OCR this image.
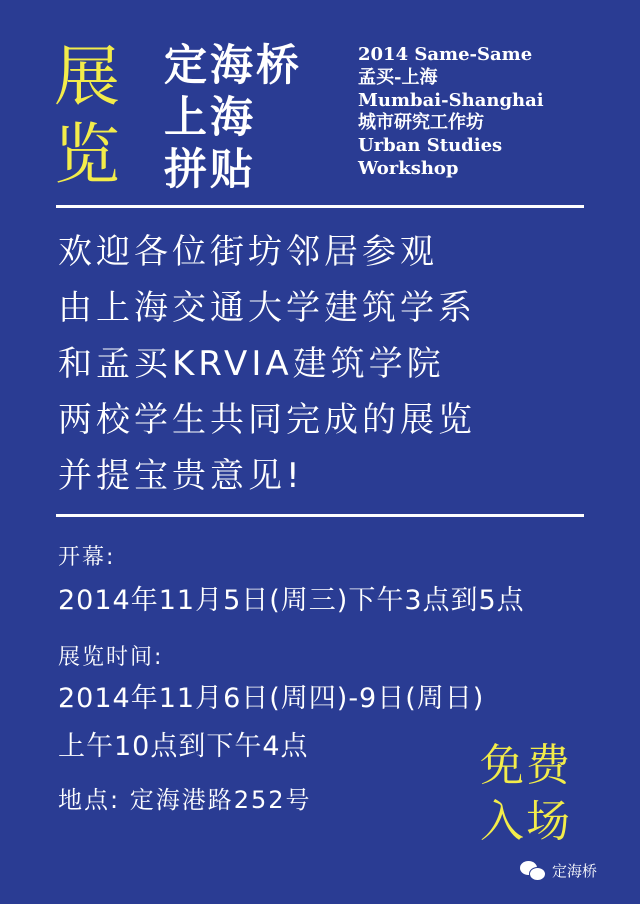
展
览
定海桥
上海
拼贴
2014 Same-Same
孟买-上海
Mumbai-Shanghai
城市研究工作坊
Urban Studies
Workshop
欢迎各位街坊邻居参观
由上海交通大学建筑学系
和孟买KRVIA建筑学院
两校学生共同完成的展览
并提宝贵意见!
开幕:
2014年11月5日(周三)下午3点到5点
展览时间:
2014年11月6日(周四)-9日(周日)
上午10点到下午4点
地点: 定海港路252号
免费
入场
定海桥
